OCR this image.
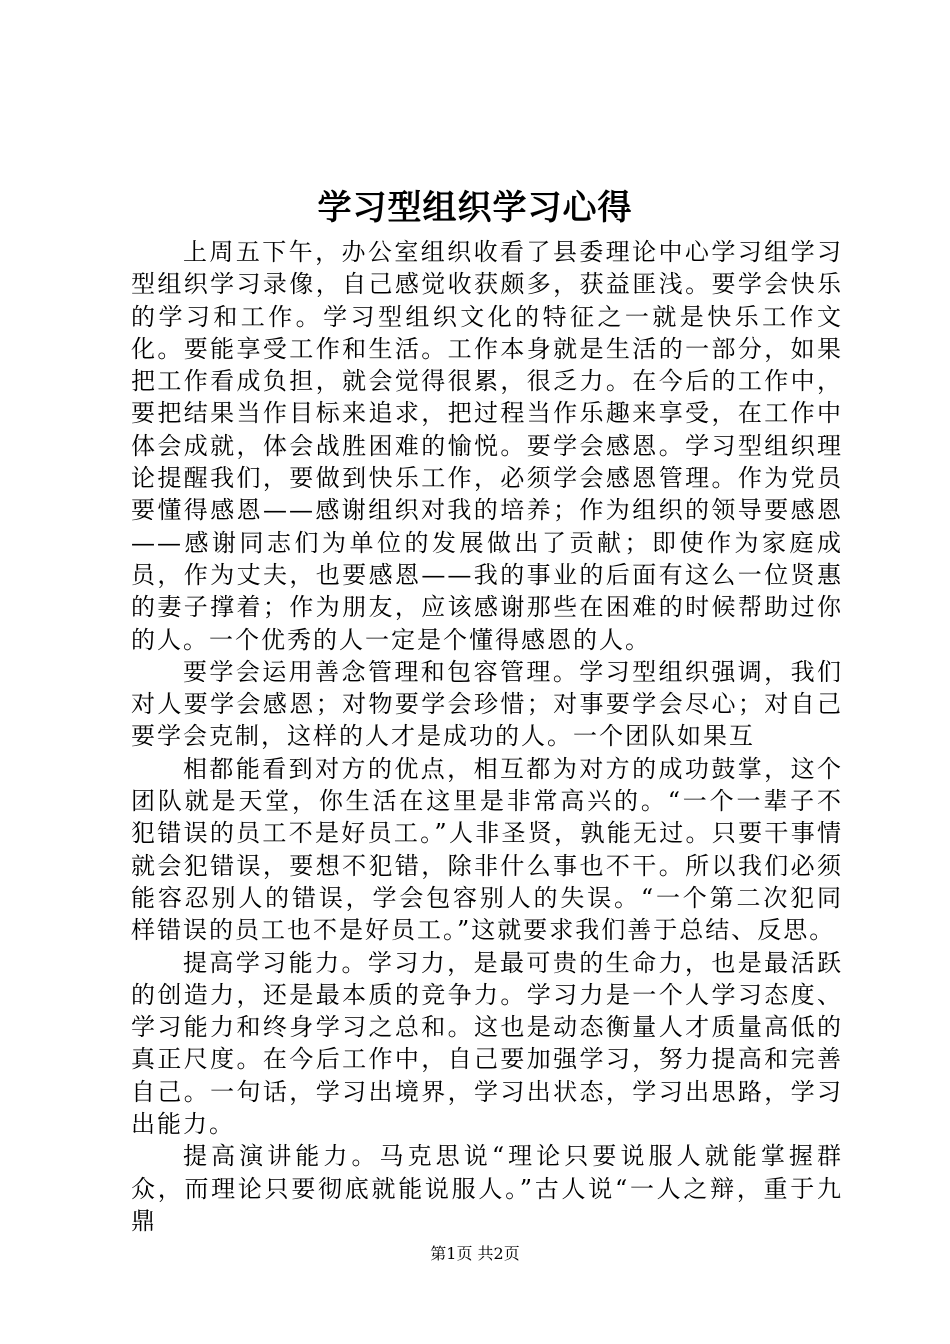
学习型组织学习心得

上周五下午，办公室组织收看了县委理论中心学习组学习型组织学习录像，自己感觉收获颇多，获益匪浅。要学会快乐的学习和工作。学习型组织文化的特征之一就是快乐工作文化。要能享受工作和生活。工作本身就是生活的一部分，如果把工作看成负担，就会觉得很累，很乏力。在今后的工作中，要把结果当作目标来追求，把过程当作乐趣来享受，在工作中体会成就，体会战胜困难的愉悦。要学会感恩。学习型组织理论提醒我们，要做到快乐工作，必须学会感恩管理。作为党员要懂得感恩——感谢组织对我的培养；作为组织的领导要感恩——感谢同志们为单位的发展做出了贡献；即使作为家庭成员，作为丈夫，也要感恩——我的事业的后面有这么一位贤惠的妻子撑着；作为朋友，应该感谢那些在困难的时候帮助过你的人。一个优秀的人一定是个懂得感恩的人。

要学会运用善念管理和包容管理。学习型组织强调，我们对人要学会感恩；对物要学会珍惜；对事要学会尽心；对自己要学会克制，这样的人才是成功的人。一个团队如果互

相都能看到对方的优点，相互都为对方的成功鼓掌，这个团队就是天堂，你生活在这里是非常高兴的。“一个一辈子不犯错误的员工不是好员工。”人非圣贤，孰能无过。只要干事情就会犯错误，要想不犯错，除非什么事也不干。所以我们必须能容忍别人的错误，学会包容别人的失误。“一个第二次犯同样错误的员工也不是好员工。”这就要求我们善于总结、反思。

提高学习能力。学习力，是最可贵的生命力，也是最活跃的创造力，还是最本质的竞争力。学习力是一个人学习态度、学习能力和终身学习之总和。这也是动态衡量人才质量高低的真正尺度。在今后工作中，自己要加强学习，努力提高和完善自己。一句话，学习出境界，学习出状态，学习出思路，学习出能力。

提高演讲能力。马克思说“理论只要说服人就能掌握群众，而理论只要彻底就能说服人。”古人说“一人之辩，重于九鼎

第1页 共2页
